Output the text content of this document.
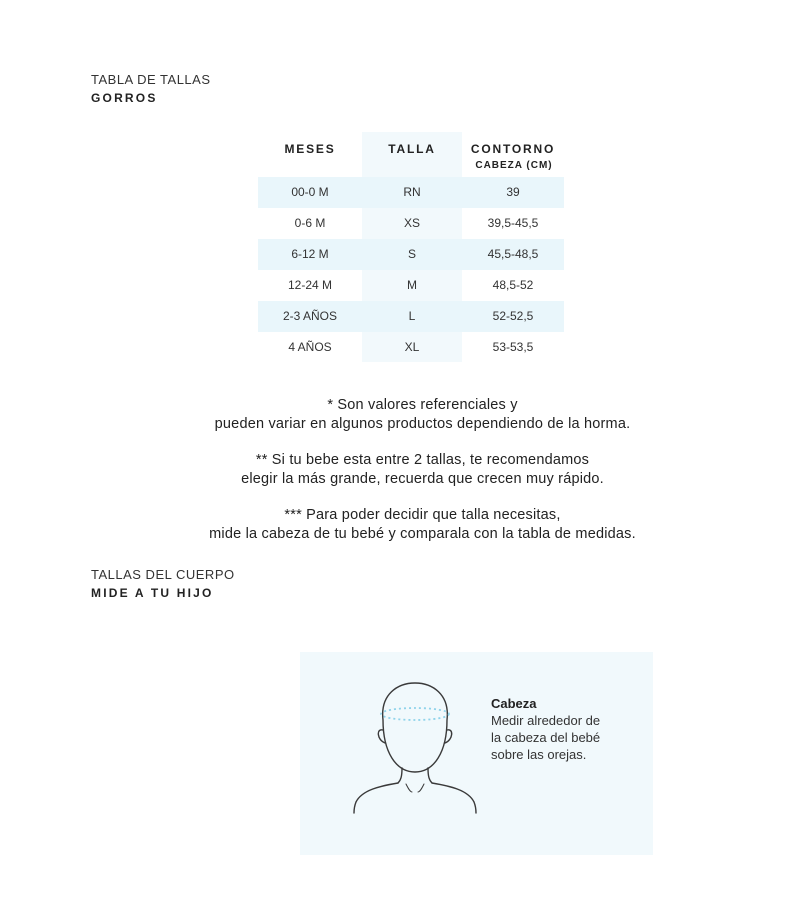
TABLA DE TALLAS
GORROS
MESES	TALLA	CONTORNO
CABEZA (CM)
00-0 M	RN	39
0-6 M	XS	39,5-45,5
6-12 M	S	45,5-48,5
12-24 M	M	48,5-52
2-3 AÑOS	L	52-52,5
4 AÑOS	XL	53-53,5
* Son valores referenciales y
pueden variar en algunos productos dependiendo de la horma.
** Si tu bebe esta entre 2 tallas, te recomendamos
elegir la más grande, recuerda que crecen muy rápido.
*** Para poder decidir que talla necesitas,
mide la cabeza de tu bebé y comparala con la tabla de medidas.
TALLAS DEL CUERPO
MIDE A TU HIJO
Cabeza
Medir alrededor de
la cabeza del bebé
sobre las orejas.
